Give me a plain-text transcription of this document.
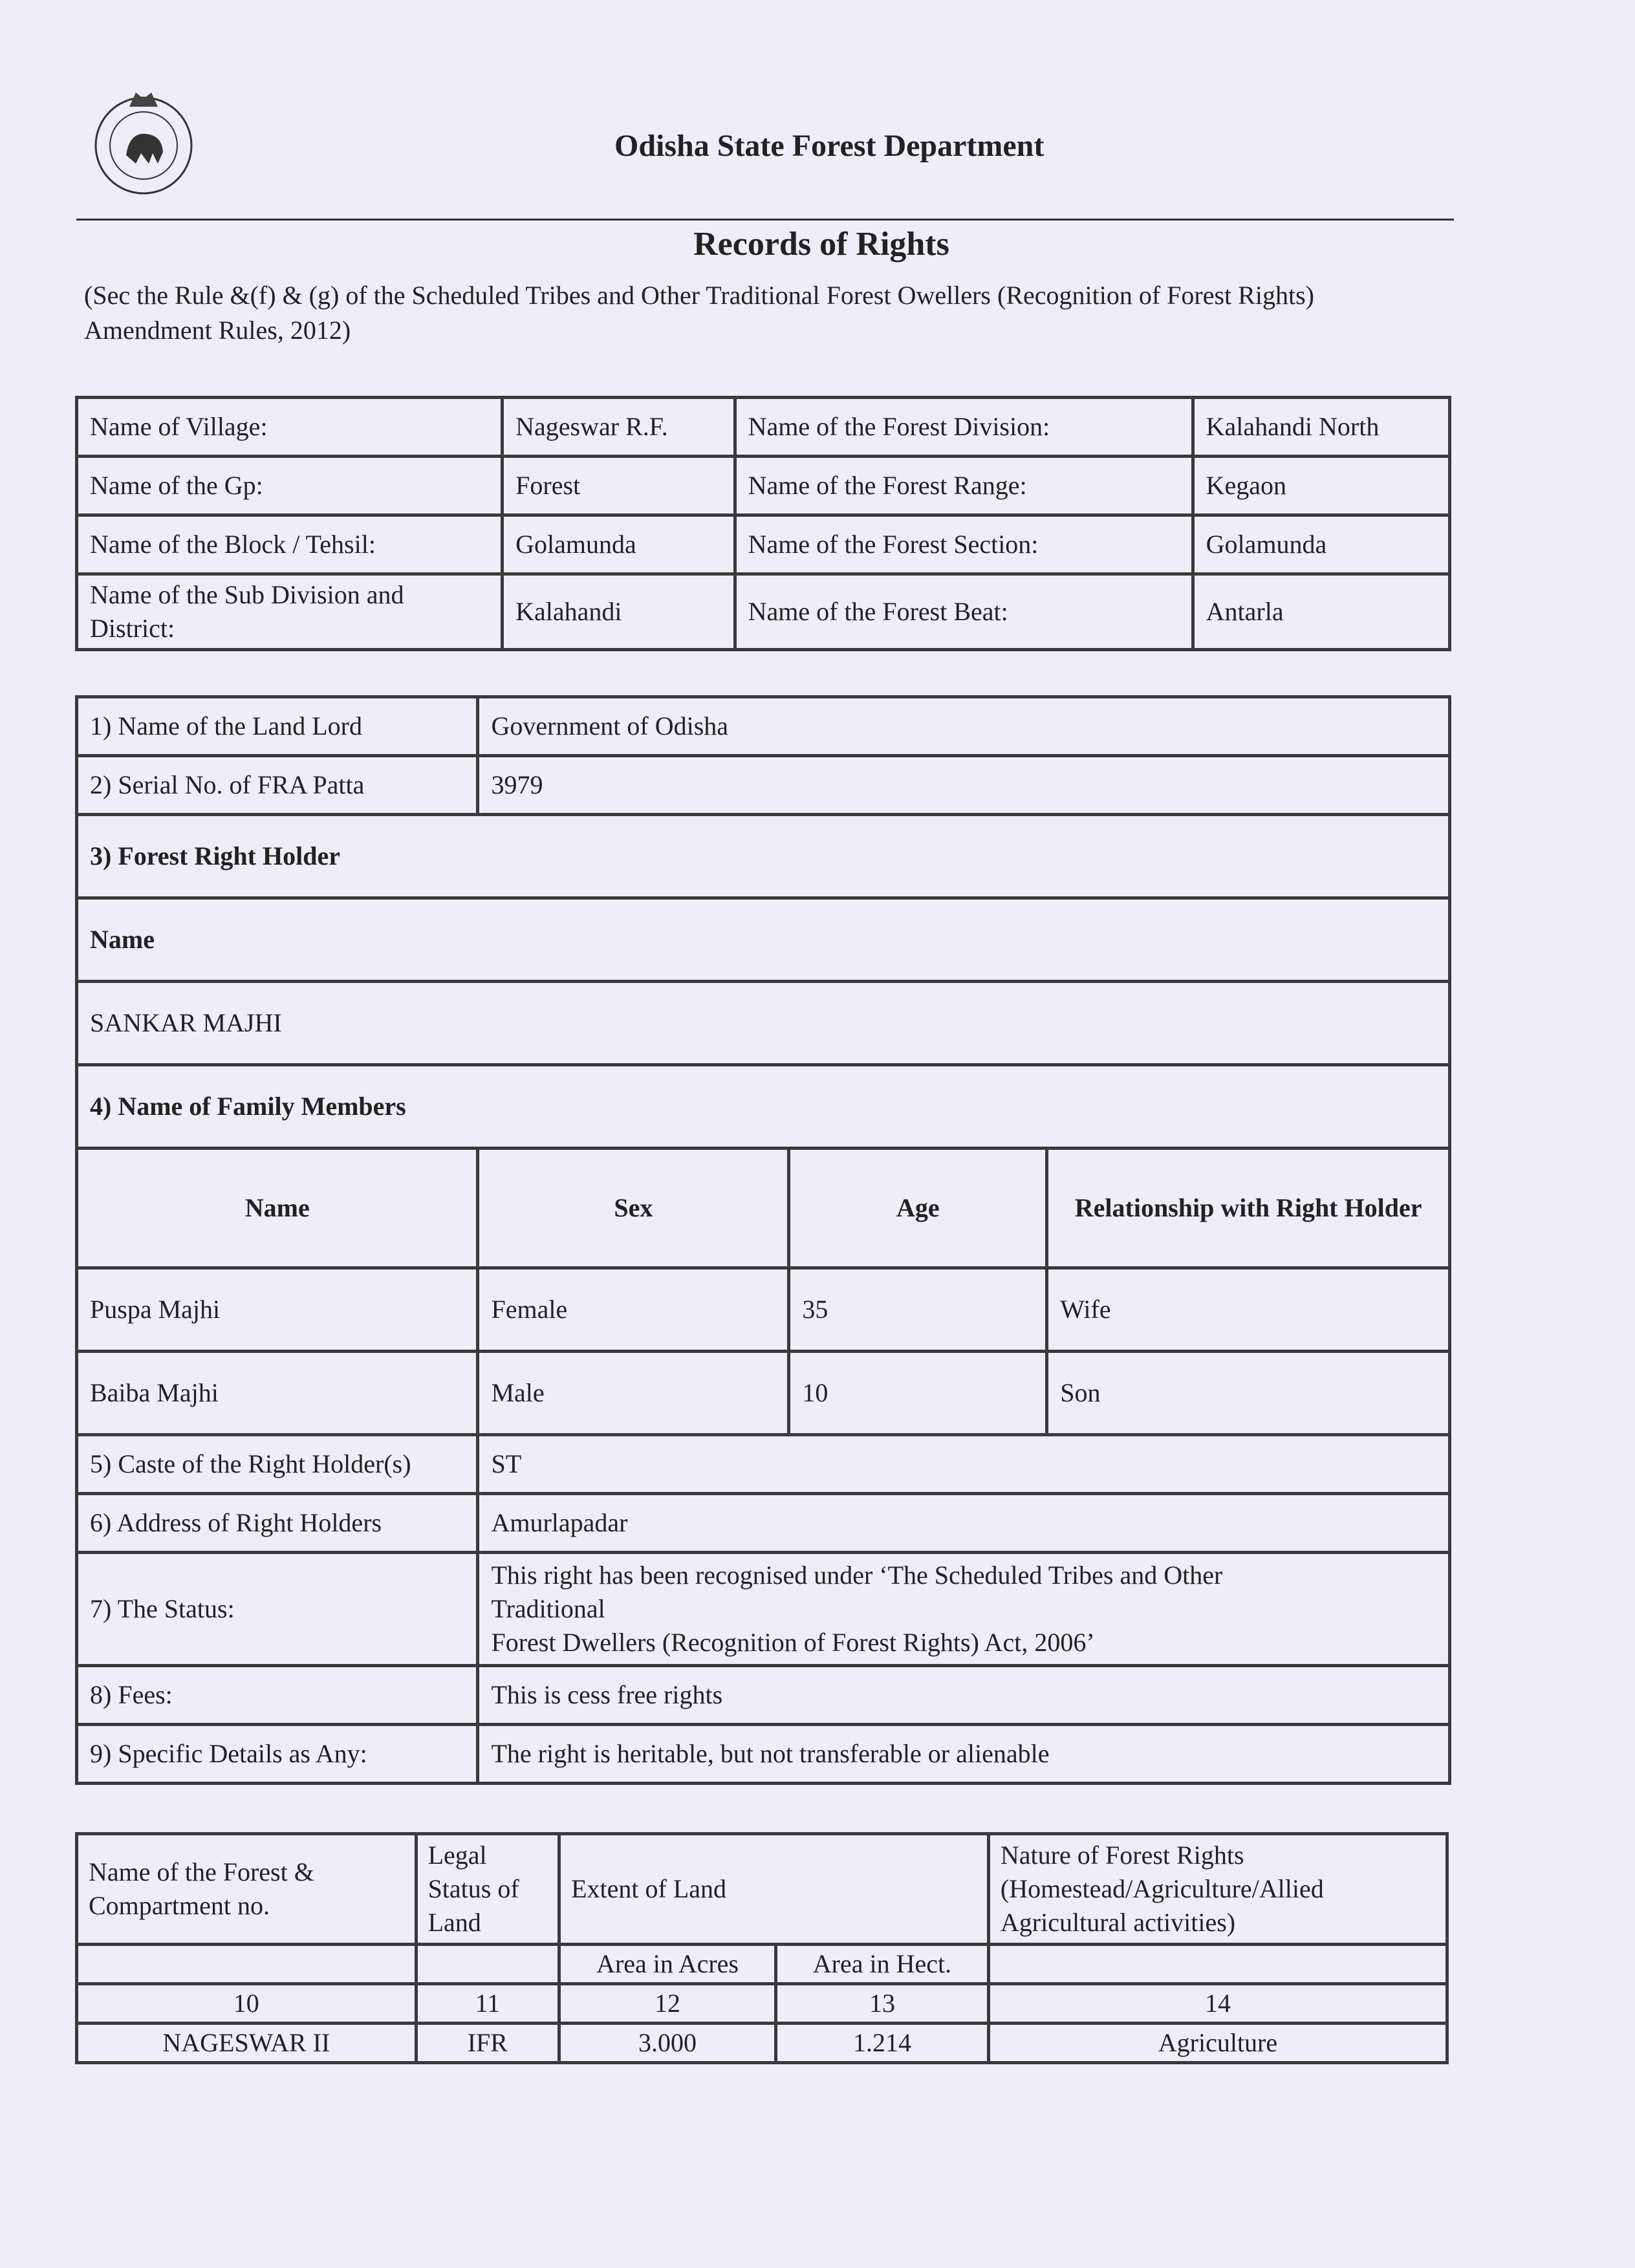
Odisha State Forest Department
Records of Rights
(Sec the Rule &(f) & (g) of the Scheduled Tribes and Other Traditional Forest Owellers (Recognition of Forest Rights) Amendment Rules, 2012)
Name of Village:	Nageswar R.F.	Name of the Forest Division:	Kalahandi North
Name of the Gp:	Forest	Name of the Forest Range:	Kegaon
Name of the Block / Tehsil:	Golamunda	Name of the Forest Section:	Golamunda
Name of the Sub Division and District:	Kalahandi	Name of the Forest Beat:	Antarla
1) Name of the Land Lord	Government of Odisha		
2) Serial No. of FRA Patta	3979		
3) Forest Right Holder			
Name			
SANKAR MAJHI			
4) Name of Family Members			
Name	Sex	Age	Relationship with Right Holder
Puspa Majhi	Female	35	Wife
Baiba Majhi	Male	10	Son
5) Caste of the Right Holder(s)	ST		
6) Address of Right Holders	Amurlapadar		
7) The Status:	This right has been recognised under ‘The Scheduled Tribes and Other
Traditional
Forest Dwellers (Recognition of Forest Rights) Act, 2006’		

8) Fees:	This is cess free rights		
9) Specific Details as Any:	The right is heritable, but not transferable or alienable		
Name of the Forest & Compartment no.	Legal Status of Land	Extent of Land		Nature of Forest Rights (Homestead/Agriculture/Allied Agricultural activities)
		Area in Acres	Area in Hect.	
10	11	12	13	14
NAGESWAR II	IFR	3.000	1.214	Agriculture
